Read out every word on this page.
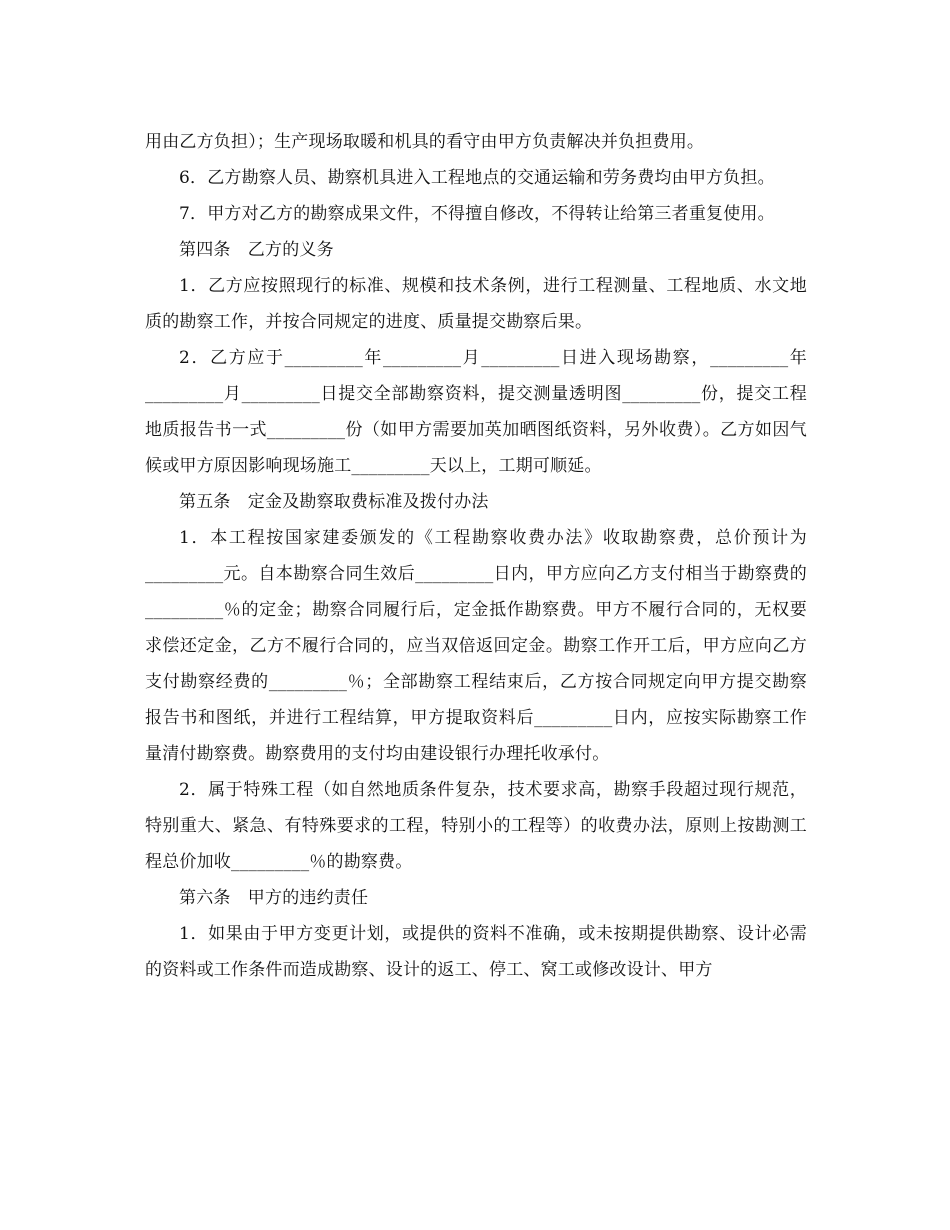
用由乙方负担）；生产现场取暖和机具的看守由甲方负责解决并负担费用。

6．乙方勘察人员、勘察机具进入工程地点的交通运输和劳务费均由甲方负担。

7．甲方对乙方的勘察成果文件，不得擅自修改，不得转让给第三者重复使用。

第四条　乙方的义务

1．乙方应按照现行的标准、规模和技术条例，进行工程测量、工程地质、水文地质的勘察工作，并按合同规定的进度、质量提交勘察后果。

2．乙方应于_________年_________月_________日进入现场勘察，_________年_________月_________日提交全部勘察资料，提交测量透明图_________份，提交工程地质报告书一式_________份（如甲方需要加英加晒图纸资料，另外收费）。乙方如因气候或甲方原因影响现场施工_________天以上，工期可顺延。

第五条　定金及勘察取费标准及拨付办法

1．本工程按国家建委颁发的《工程勘察收费办法》收取勘察费，总价预计为_________元。自本勘察合同生效后_________日内，甲方应向乙方支付相当于勘察费的_________％的定金；勘察合同履行后，定金抵作勘察费。甲方不履行合同的，无权要求偿还定金，乙方不履行合同的，应当双倍返回定金。勘察工作开工后，甲方应向乙方支付勘察经费的_________％；全部勘察工程结束后，乙方按合同规定向甲方提交勘察报告书和图纸，并进行工程结算，甲方提取资料后_________日内，应按实际勘察工作量清付勘察费。勘察费用的支付均由建设银行办理托收承付。

2．属于特殊工程（如自然地质条件复杂，技术要求高，勘察手段超过现行规范，特别重大、紧急、有特殊要求的工程，特别小的工程等）的收费办法，原则上按勘测工程总价加收_________％的勘察费。

第六条　甲方的违约责任

1．如果由于甲方变更计划，或提供的资料不准确，或未按期提供勘察、设计必需的资料或工作条件而造成勘察、设计的返工、停工、窝工或修改设计、甲方
